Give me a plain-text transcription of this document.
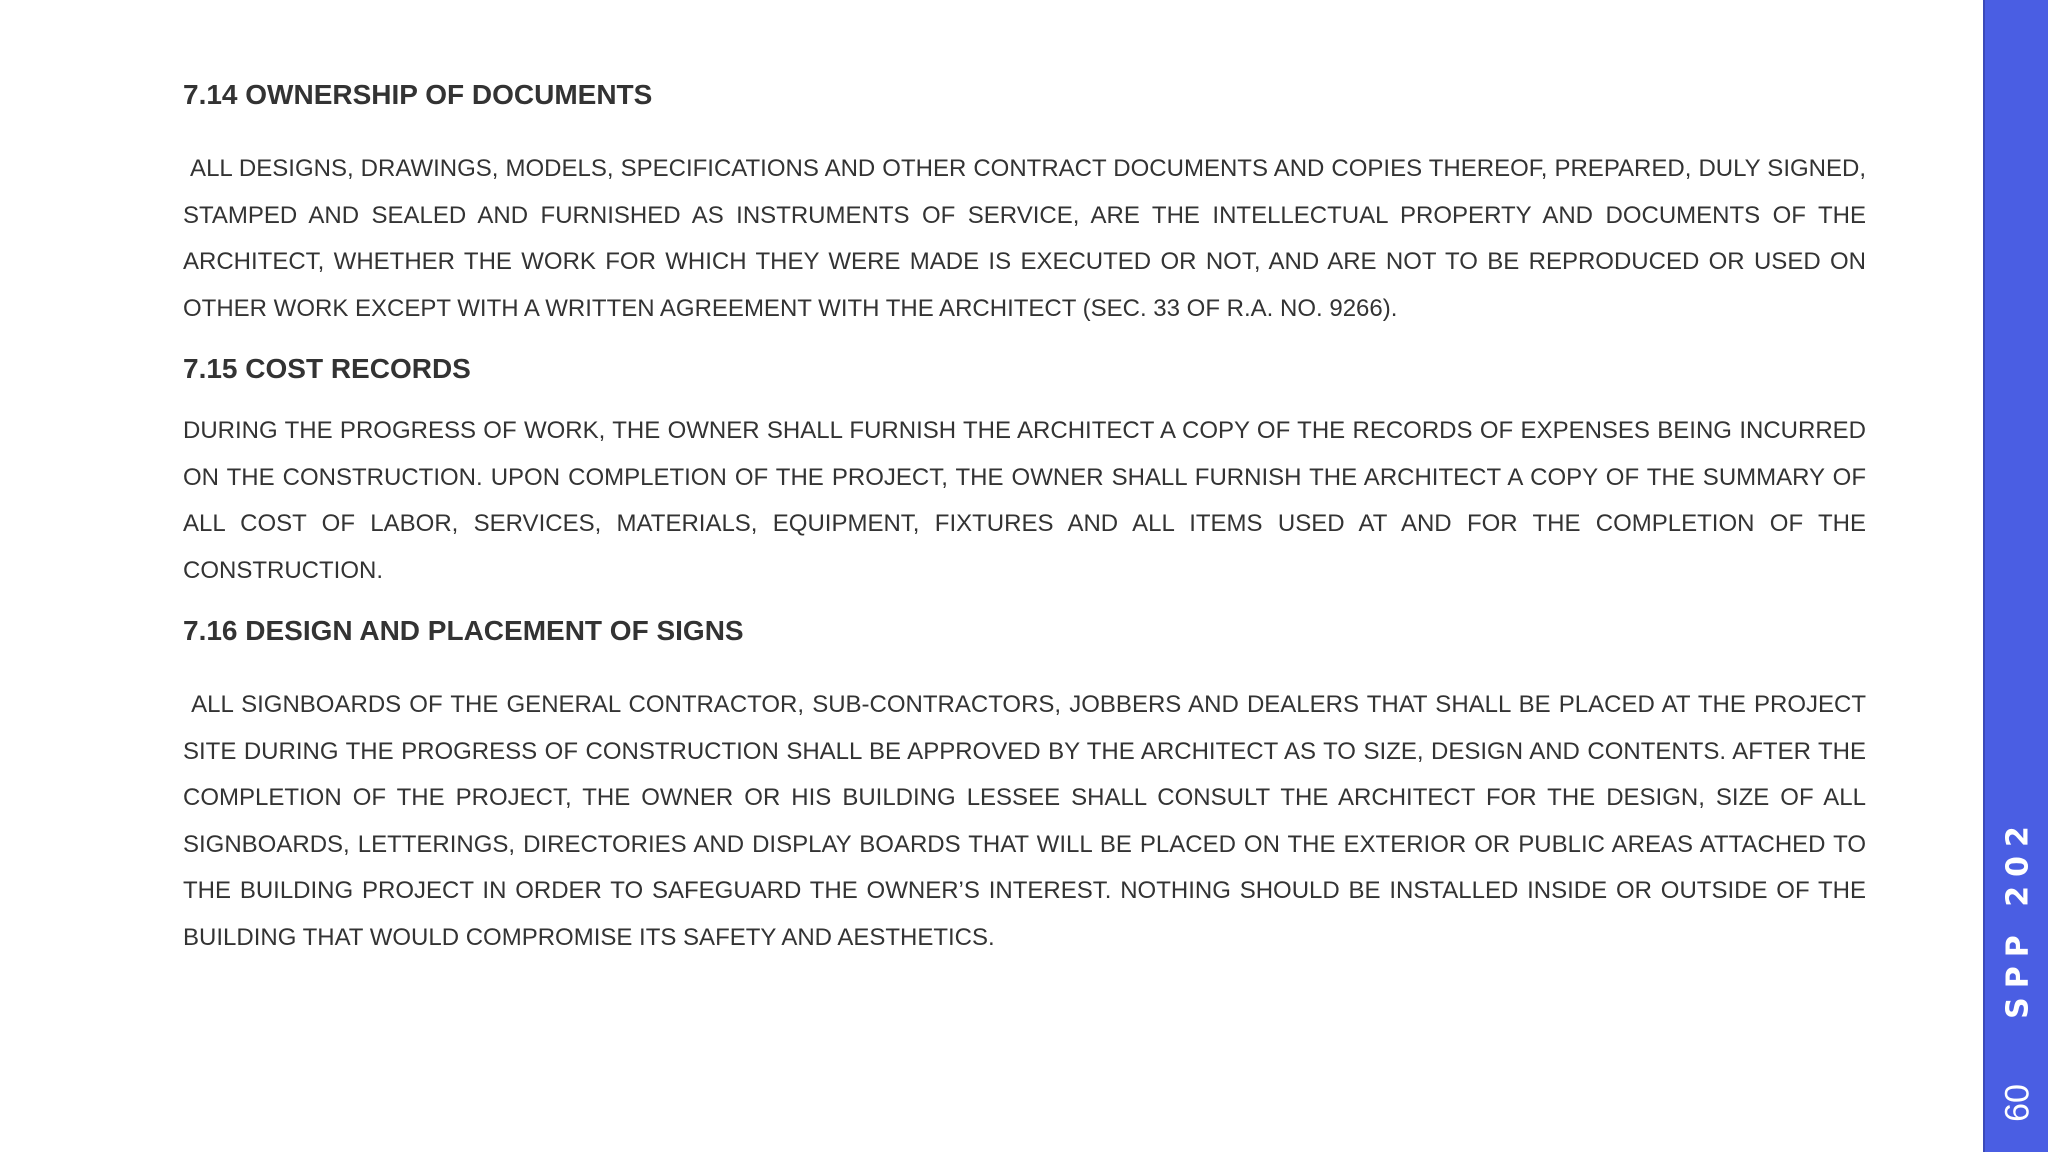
7.14 OWNERSHIP OF DOCUMENTS

ALL DESIGNS, DRAWINGS, MODELS, SPECIFICATIONS AND OTHER CONTRACT DOCUMENTS AND COPIES THEREOF, PREPARED, DULY SIGNED, STAMPED AND SEALED AND FURNISHED AS INSTRUMENTS OF SERVICE, ARE THE INTELLECTUAL PROPERTY AND DOCUMENTS OF THE ARCHITECT, WHETHER THE WORK FOR WHICH THEY WERE MADE IS EXECUTED OR NOT, AND ARE NOT TO BE REPRODUCED OR USED ON OTHER WORK EXCEPT WITH A WRITTEN AGREEMENT WITH THE ARCHITECT (SEC. 33 OF R.A. NO. 9266).

7.15 COST RECORDS

DURING THE PROGRESS OF WORK, THE OWNER SHALL FURNISH THE ARCHITECT A COPY OF THE RECORDS OF EXPENSES BEING INCURRED ON THE CONSTRUCTION. UPON COMPLETION OF THE PROJECT, THE OWNER SHALL FURNISH THE ARCHITECT A COPY OF THE SUMMARY OF ALL COST OF LABOR, SERVICES, MATERIALS, EQUIPMENT, FIXTURES AND ALL ITEMS USED AT AND FOR THE COMPLETION OF THE CONSTRUCTION.

7.16 DESIGN AND PLACEMENT OF SIGNS

ALL SIGNBOARDS OF THE GENERAL CONTRACTOR, SUB-CONTRACTORS, JOBBERS AND DEALERS THAT SHALL BE PLACED AT THE PROJECT SITE DURING THE PROGRESS OF CONSTRUCTION SHALL BE APPROVED BY THE ARCHITECT AS TO SIZE, DESIGN AND CONTENTS. AFTER THE COMPLETION OF THE PROJECT, THE OWNER OR HIS BUILDING LESSEE SHALL CONSULT THE ARCHITECT FOR THE DESIGN, SIZE OF ALL SIGNBOARDS, LETTERINGS, DIRECTORIES AND DISPLAY BOARDS THAT WILL BE PLACED ON THE EXTERIOR OR PUBLIC AREAS ATTACHED TO THE BUILDING PROJECT IN ORDER TO SAFEGUARD THE OWNER’S INTEREST. NOTHING SHOULD BE INSTALLED INSIDE OR OUTSIDE OF THE BUILDING THAT WOULD COMPROMISE ITS SAFETY AND AESTHETICS.	SPP 202
60
